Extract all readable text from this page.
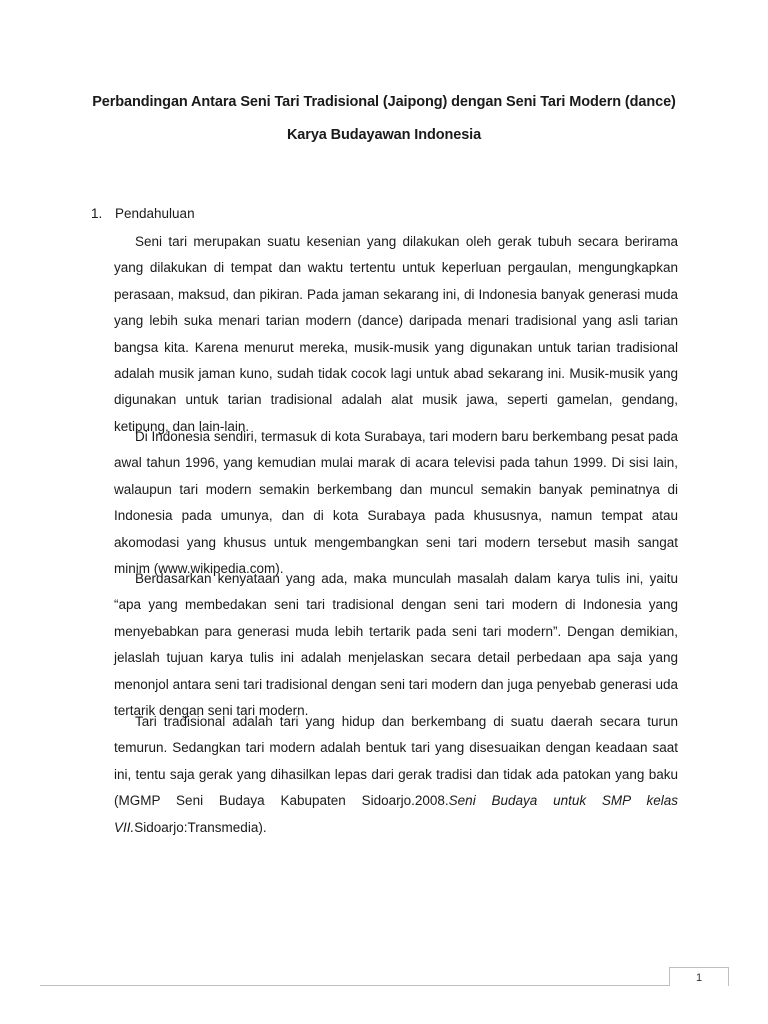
Perbandingan Antara Seni Tari Tradisional (Jaipong) dengan Seni Tari Modern (dance)
Karya Budayawan Indonesia
1. Pendahuluan

Seni tari merupakan suatu kesenian yang dilakukan oleh gerak tubuh secara berirama yang dilakukan di tempat dan waktu tertentu untuk keperluan pergaulan, mengungkapkan perasaan, maksud, dan pikiran. Pada jaman sekarang ini, di Indonesia banyak generasi muda yang lebih suka menari tarian modern (dance) daripada menari tradisional yang asli tarian bangsa kita. Karena menurut mereka, musik-musik yang digunakan untuk tarian tradisional adalah musik jaman kuno, sudah tidak cocok lagi untuk abad sekarang ini. Musik-musik yang digunakan untuk tarian tradisional adalah alat musik jawa, seperti gamelan, gendang, ketipung, dan lain-lain.

Di Indonesia sendiri, termasuk di kota Surabaya, tari modern baru berkembang pesat pada awal tahun 1996, yang kemudian mulai marak di acara televisi pada tahun 1999. Di sisi lain, walaupun tari modern semakin berkembang dan muncul semakin banyak peminatnya di Indonesia pada umunya, dan di kota Surabaya pada khususnya, namun tempat atau akomodasi yang khusus untuk mengembangkan seni tari modern tersebut masih sangat minim (www.wikipedia.com).

Berdasarkan kenyataan yang ada, maka munculah masalah dalam karya tulis ini, yaitu “apa yang membedakan seni tari tradisional dengan seni tari modern di Indonesia yang menyebabkan para generasi muda lebih tertarik pada seni tari modern”. Dengan demikian, jelaslah tujuan karya tulis ini adalah menjelaskan secara detail perbedaan apa saja yang menonjol antara seni tari tradisional dengan seni tari modern dan juga penyebab generasi uda tertarik dengan seni tari modern.

Tari tradisional adalah tari yang hidup dan berkembang di suatu daerah secara turun temurun. Sedangkan tari modern adalah bentuk tari yang disesuaikan dengan keadaan saat ini, tentu saja gerak yang dihasilkan lepas dari gerak tradisi dan tidak ada patokan yang baku (MGMP Seni Budaya Kabupaten Sidoarjo.2008.Seni Budaya untuk SMP kelas VII.Sidoarjo:Transmedia).

1
